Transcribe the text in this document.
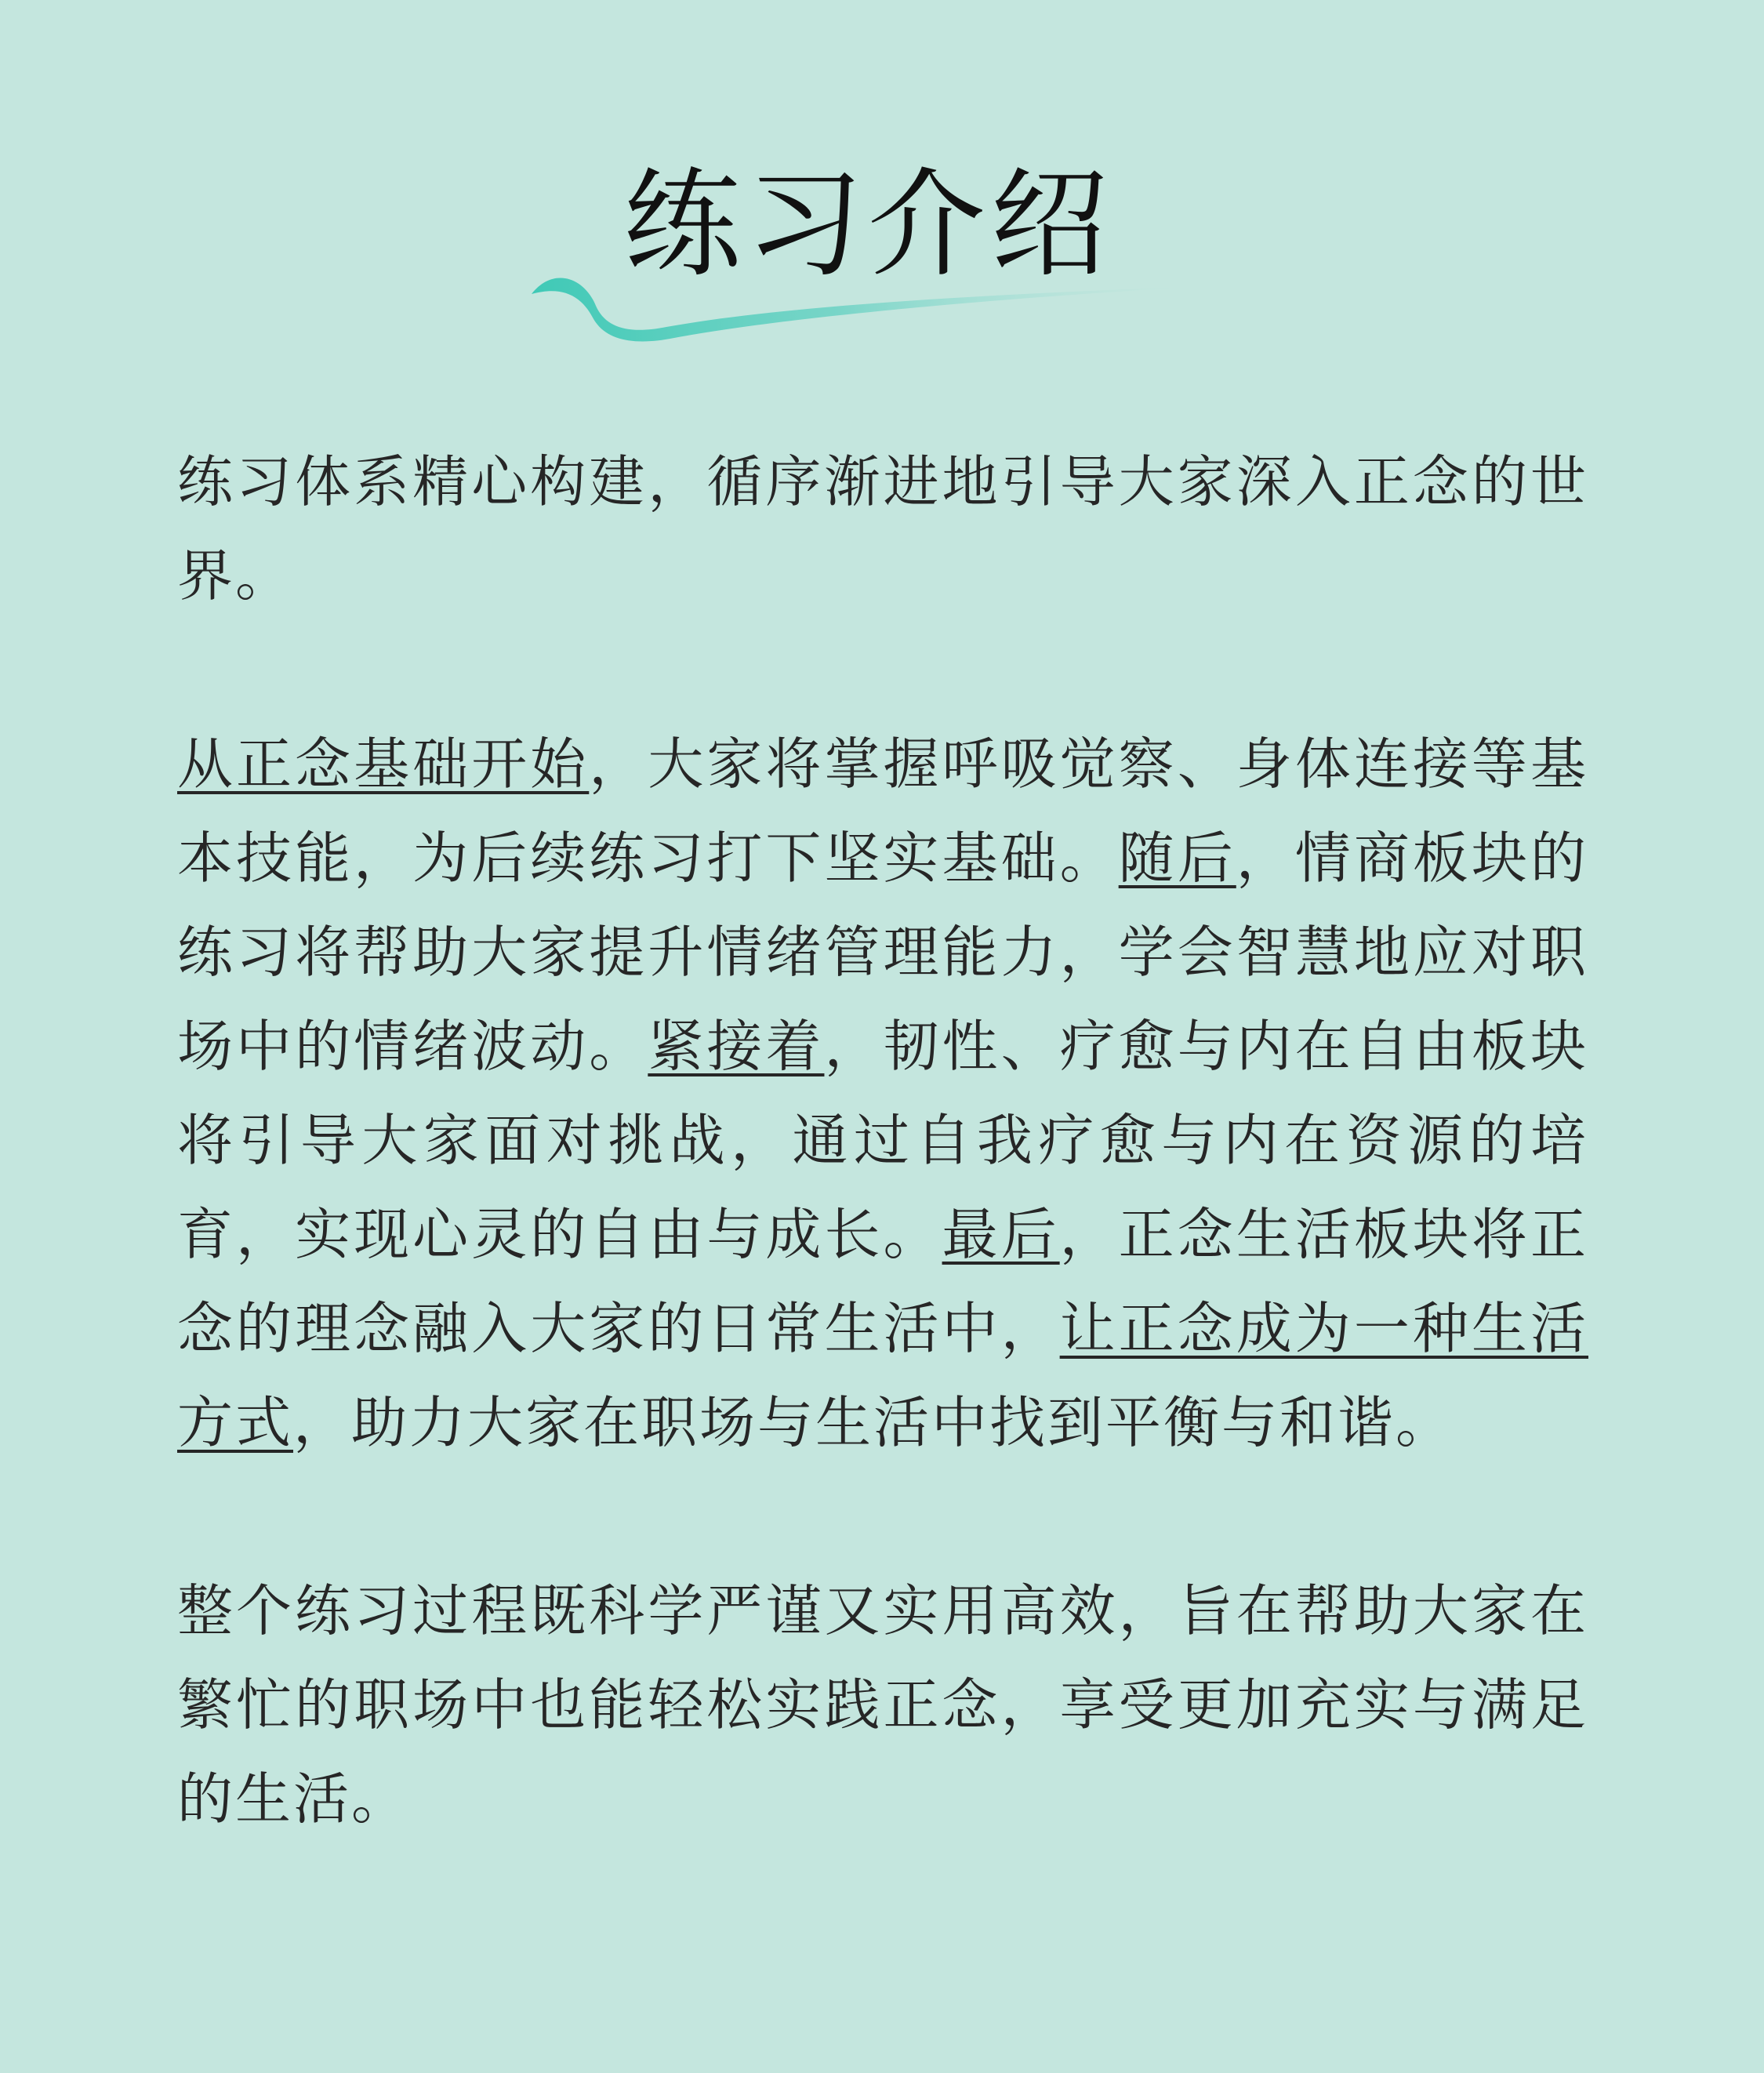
练习介绍

练习体系精心构建，循序渐进地引导大家深入正念的世界。

从正念基础开始，大家将掌握呼吸觉察、身体连接等基本技能，为后续练习打下坚实基础。随后，情商板块的练习将帮助大家提升情绪管理能力，学会智慧地应对职场中的情绪波动。紧接着，韧性、疗愈与内在自由板块将引导大家面对挑战，通过自我疗愈与内在资源的培育，实现心灵的自由与成长。最后，正念生活板块将正念的理念融入大家的日常生活中，让正念成为一种生活方式，助力大家在职场与生活中找到平衡与和谐。

整个练习过程既科学严谨又实用高效，旨在帮助大家在繁忙的职场中也能轻松实践正念，享受更加充实与满足的生活。
